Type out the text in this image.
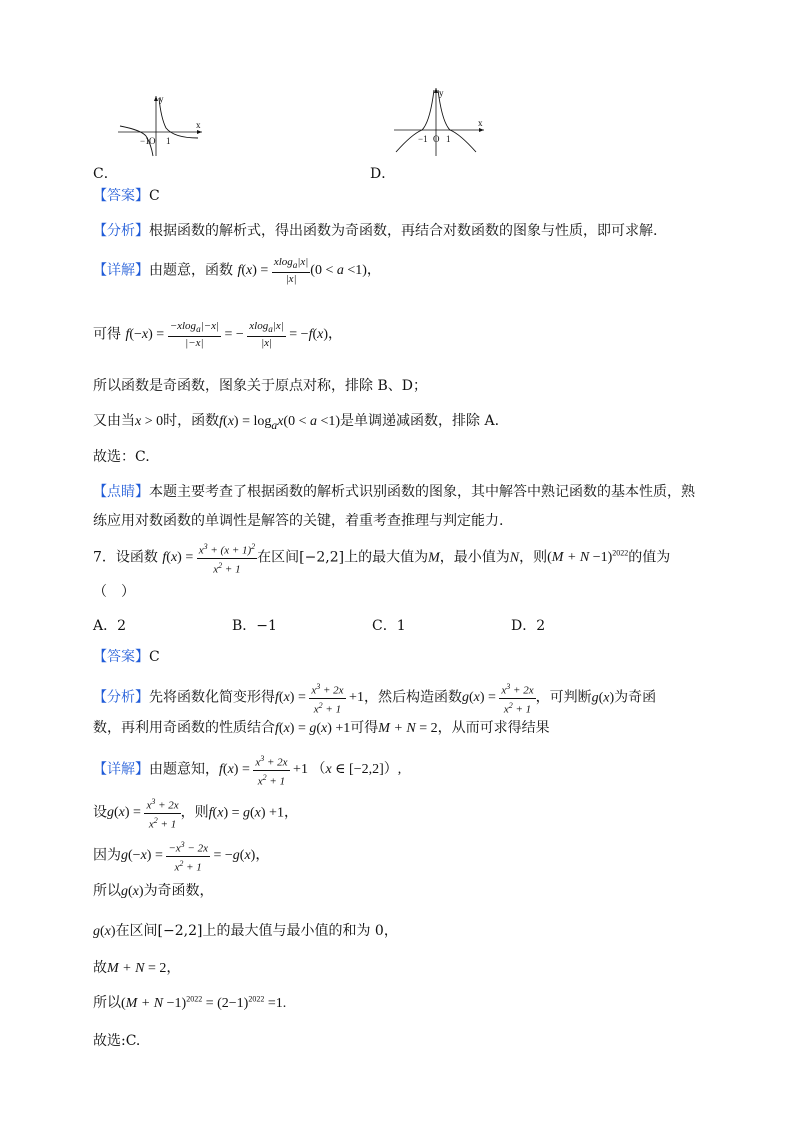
y
x
−1 O 1
C．
y
x
−1 O 1
D．
【答案】C
【分析】根据函数的解析式，得出函数为奇函数，再结合对数函数的图象与性质，即可求解.
【详解】由题意，函数 $f(x) = \frac{xlog_a|x|}{|x|} (0 < a <1)$，
可得 $f(-x) = \frac{-xlog_a|-x|}{|-x|}$ = − $\frac{xlog_a|x|}{|x|} = -f(x)$，
所以函数是奇函数，图象关于原点对称，排除 B、D；
又由当x > 0时，函数$f(x) = \log_ax(0 < a <1)$是单调递减函数，排除 A.
故选：C.
【点睛】本题主要考查了根据函数的解析式识别函数的图象，其中解答中熟记函数的基本性质，熟
练应用对数函数的单调性是解答的关键，着重考查推理与判定能力.
7．设函数 $f(x) = \frac{x^3 + (x + 1)^2}{x^2 + 1}$ 在区间[−2,2]上的最大值为M，最小值为N，则$(M + N -1)^{2022}$的值为
（　）
A．2	B．−1	C．1	D．2
【答案】C
【分析】先将函数化简变形得$f(x) = \frac{x^3 + 2x}{x^2 + 1} +1$，然后构造函数$g(x) = \frac{x^3 + 2x}{x^2 + 1}$ ，可判断g(x)为奇函
数，再利用奇函数的性质结合f(x) = g(x) +1可得M + N = 2，从而可求得结果
【详解】由题意知，$f(x) = \frac{x^3 + 2x}{x^2 + 1} +1$ （x ∈ [−2,2]）,
设$g(x) = \frac{x^3 + 2x}{x^2 + 1}$ ，则f(x) = g(x) +1，
因为$g(-x) = \frac{-x^3 - 2x}{x^2 + 1} = -g(x)$，
所以g(x)为奇函数，
g(x)在区间[−2,2]上的最大值与最小值的和为 0，
故M + N = 2，
所以$(M + N -1)^{2022} = (2-1)^{2022} =1$.
故选:C.
